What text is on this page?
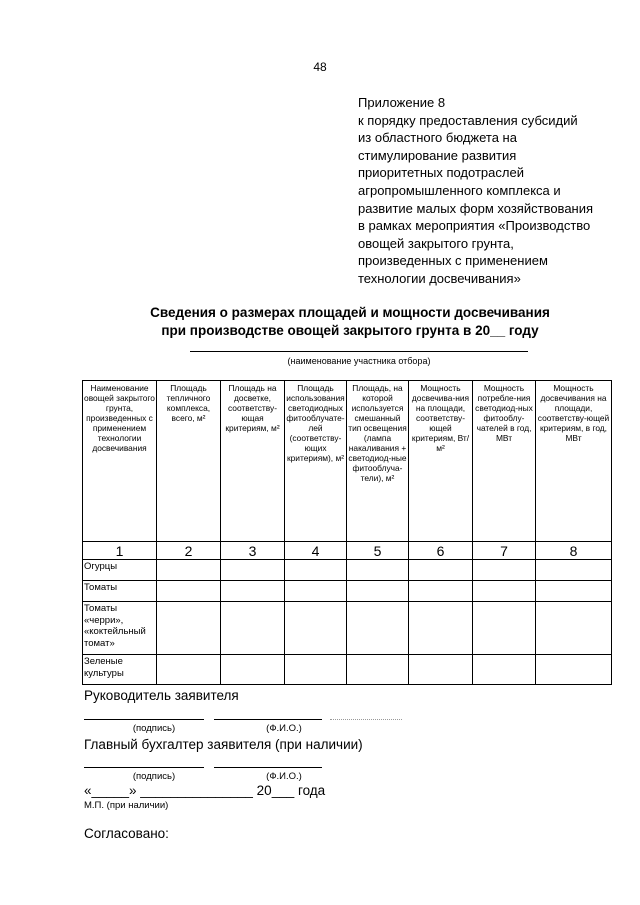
48
Приложение 8
к порядку предоставления субсидий
из областного бюджета на
стимулирование развития
приоритетных подотраслей
агропромышленного комплекса и
развитие малых форм хозяйствования
в рамках мероприятия «Производство
овощей закрытого грунта,
произведенных с применением
технологии досвечивания»
Сведения о размерах площадей и мощности досвечивания
при производстве овощей закрытого грунта в 20__ году
(наименование участника отбора)
Наименование овощей закрытого грунта, произведенных с применением технологии досвечивания	Площадь тепличного комплекса, всего, м²	Площадь на досветке, соответству-ющая критериям, м²	Площадь использования светодиодных фитооблучате-лей (соответству-ющих критериям), м²	Площадь, на которой используется смешанный тип освещения (лампа накаливания + светодиод-ные фитооблуча-тели), м²	Мощность досвечива-ния на площади, соответству-ющей критериям, Вт/м²	Мощность потребле-ния светодиод-ных фитооблу-чателей в год, МВт	Мощность досвечивания на площади, соответству-ющей критериям, в год, МВт
1	2	3	4	5	6	7	8
Огурцы							
Томаты							
Томаты «черри», «коктейльный томат»							
Зеленые культуры							
Руководитель заявителя
(подпись)	(Ф.И.О.)
Главный бухгалтер заявителя (при наличии)
(подпись)	(Ф.И.О.)
«_____» _______________ 20___ года
М.П. (при наличии)
Согласовано:
